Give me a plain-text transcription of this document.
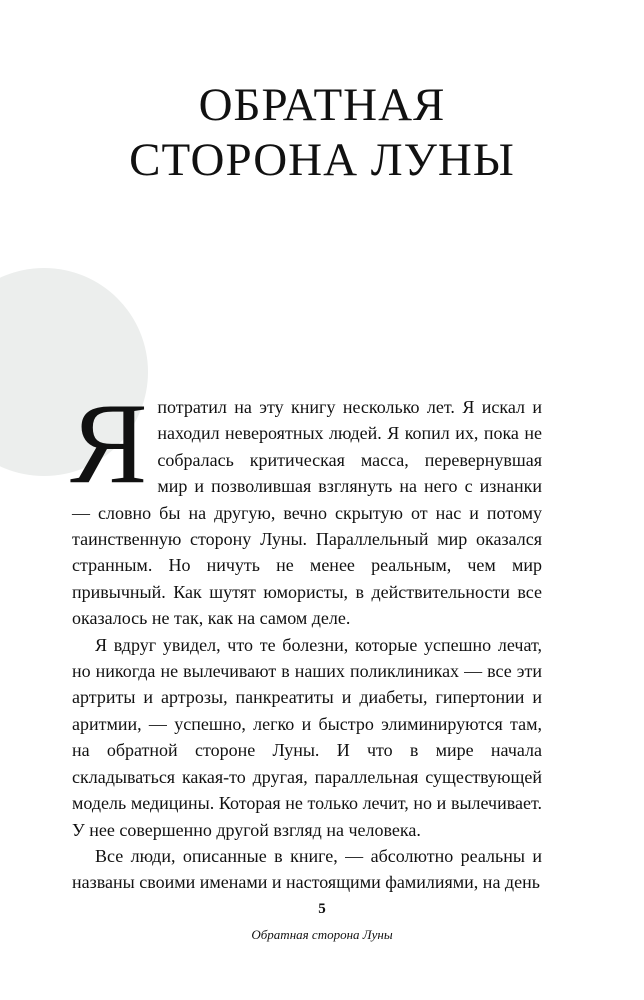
ОБРАТНАЯ
СТОРОНА ЛУНЫ

Япотратил на эту книгу несколько лет. Я искал и находил невероятных людей. Я копил их, пока не собралась критическая масса, перевернувшая мир и позволившая взглянуть на него с изнанки — словно бы на другую, вечно скрытую от нас и потому таинственную сторону Луны. Параллельный мир оказался странным. Но ничуть не менее реальным, чем мир привычный. Как шутят юмористы, в действительности все оказалось не так, как на самом деле.

Я вдруг увидел, что те болезни, которые успешно лечат, но никогда не вылечивают в наших поликлиниках — все эти артриты и артрозы, панкреатиты и диабеты, гипертонии и аритмии, — успешно, легко и быстро элиминируются там, на обратной стороне Луны. И что в мире начала складываться какая-то другая, параллельная существующей модель медицины. Которая не только лечит, но и вылечивает. У нее совершенно другой взгляд на человека.

Все люди, описанные в книге, — абсолютно реальны и названы своими именами и настоящими фамилиями, на день

5
Обратная сторона Луны
